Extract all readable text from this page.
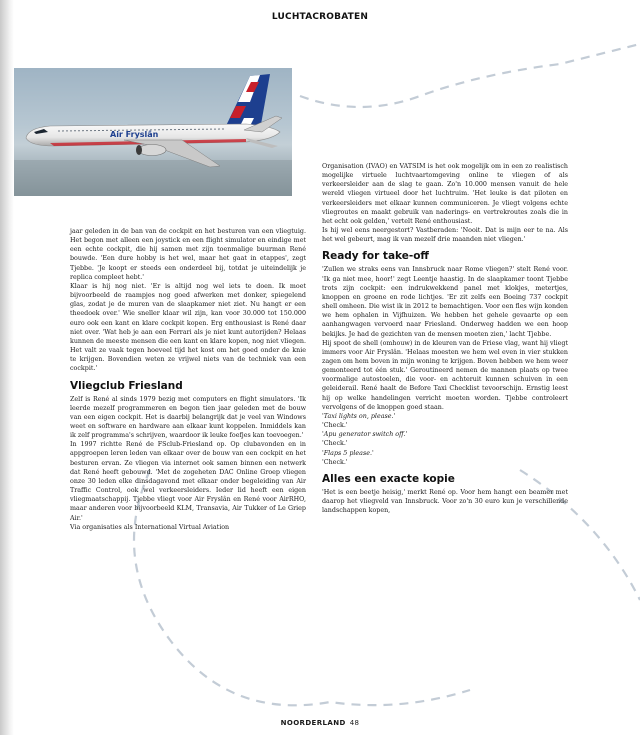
LUCHTACROBATEN
Air Fryslân

jaar geleden in de ban van de cockpit en het besturen van een vliegtuig. Het begon met alleen een joystick en een flight simulator en eindige met een echte cockpit, die hij samen met zijn toenmalige buurman René bouwde. 'Een dure hobby is het wel, maar het gaat in etappes', zegt Tjebbe. 'Je koopt er steeds een onderdeel bij, totdat je uiteindelijk je replica compleet hebt.'

Klaar is hij nog niet. 'Er is altijd nog wel iets te doen. Ik moet bijvoorbeeld de raampjes nog goed afwerken met donker, spiegelend glas, zodat je de muren van de slaapkamer niet ziet. Nu hangt er een theedoek over.' Wie sneller klaar wil zijn, kan voor 30.000 tot 150.000 euro ook een kant en klare cockpit kopen. Erg enthousiast is René daar niet over. 'Wat heb je aan een Ferrari als je niet kunt autorijden? Helaas kunnen de meeste mensen die een kant en klare kopen, nog niet vliegen. Het valt ze vaak tegen hoeveel tijd het kost om het goed onder de knie te krijgen. Bovendien weten ze vrijwel niets van de techniek van een cockpit.'

Vliegclub Friesland

Zelf is René al sinds 1979 bezig met computers en flight simulators. 'Ik leerde mezelf programmeren en begon tien jaar geleden met de bouw van een eigen cockpit. Het is daarbij belangrijk dat je veel van Windows weet en software en hardware aan elkaar kunt koppelen. Inmiddels kan ik zelf programma's schrijven, waardoor ik leuke foefjes kan toevoegen.'

In 1997 richtte René de FSclub-Friesland op. Op clubavonden en in appgroepen leren leden van elkaar over de bouw van een cockpit en het besturen ervan. Ze vliegen via internet ook samen binnen een netwerk dat René heeft gebouwd. 'Met de zogeheten DAC Online Groep vliegen onze 30 leden elke dinsdagavond met elkaar onder begeleiding van Air Traffic Control, ook wel verkeersleiders. Ieder lid heeft een eigen vliegmaatschappij. Tjebbe vliegt voor Air Fryslân en René voor AirRHO, maar anderen voor bijvoorbeeld KLM, Transavia, Air Tukker of Le Griep Air.'

Via organisaties als International Virtual Aviation

Organisation (IVAO) en VATSIM is het ook mogelijk om in een zo realistisch mogelijke virtuele luchtvaartomgeving online te vliegen of als verkeersleider aan de slag te gaan. Zo'n 10.000 mensen vanuit de hele wereld vliegen virtueel door het luchtruim. 'Het leuke is dat piloten en verkeersleiders met elkaar kunnen communiceren. Je vliegt volgens echte vliegroutes en maakt gebruik van naderings- en vertrekroutes zoals die in het echt ook gelden,' vertelt René enthousiast.

Is hij wel eens neergestort? Vastberaden: 'Nooit. Dat is mijn eer te na. Als het wel gebeurt, mag ik van mezelf drie maanden niet vliegen.'

Ready for take-off

'Zullen we straks eens van Innsbruck naar Rome vliegen?' stelt René voor. 'Ik ga niet mee, hoor!' zegt Leentje haastig. In de slaapkamer toont Tjebbe trots zijn cockpit: een indrukwekkend panel met klokjes, metertjes, knoppen en groene en rode lichtjes. 'Er zit zelfs een Boeing 737 cockpit shell omheen. Die wist ik in 2012 te bemachtigen. Voor een fles wijn konden we hem ophalen in Vijfhuizen. We hebben het gehele gevaarte op een aanhangwagen vervoerd naar Friesland. Onderweg hadden we een hoop bekijks. Je had de gezichten van de mensen moeten zien,' lacht Tjebbe.

Hij spoot de shell (omhouw) in de kleuren van de Friese vlag, want hij vliegt immers voor Air Fryslân. 'Helaas moesten we hem wel even in vier stukken zagen om hem boven in mijn woning te krijgen. Boven hebben we hem weer gemonteerd tot één stuk.' Geroutineerd nemen de mannen plaats op twee voormalige autostoelen, die voor- en achteruit kunnen schuiven in een geleiderail. René haalt de Before Taxi Checklist tevoorschijn. Ernstig leest hij op welke handelingen verricht moeten worden. Tjebbe controleert vervolgens of de knoppen goed staan.

'Taxi lights on, please.'

'Check.'

'Apu generator switch off.'

'Check.'

'Flaps 5 please.'

'Check.'

Alles een exacte kopie

'Het is een beetje heisig,' merkt René op. Voor hem hangt een beamer met daarop het vliegveld van Innsbruck. Voor zo'n 30 euro kun je verschillende landschappen kopen,

NOORDERLAND 48
